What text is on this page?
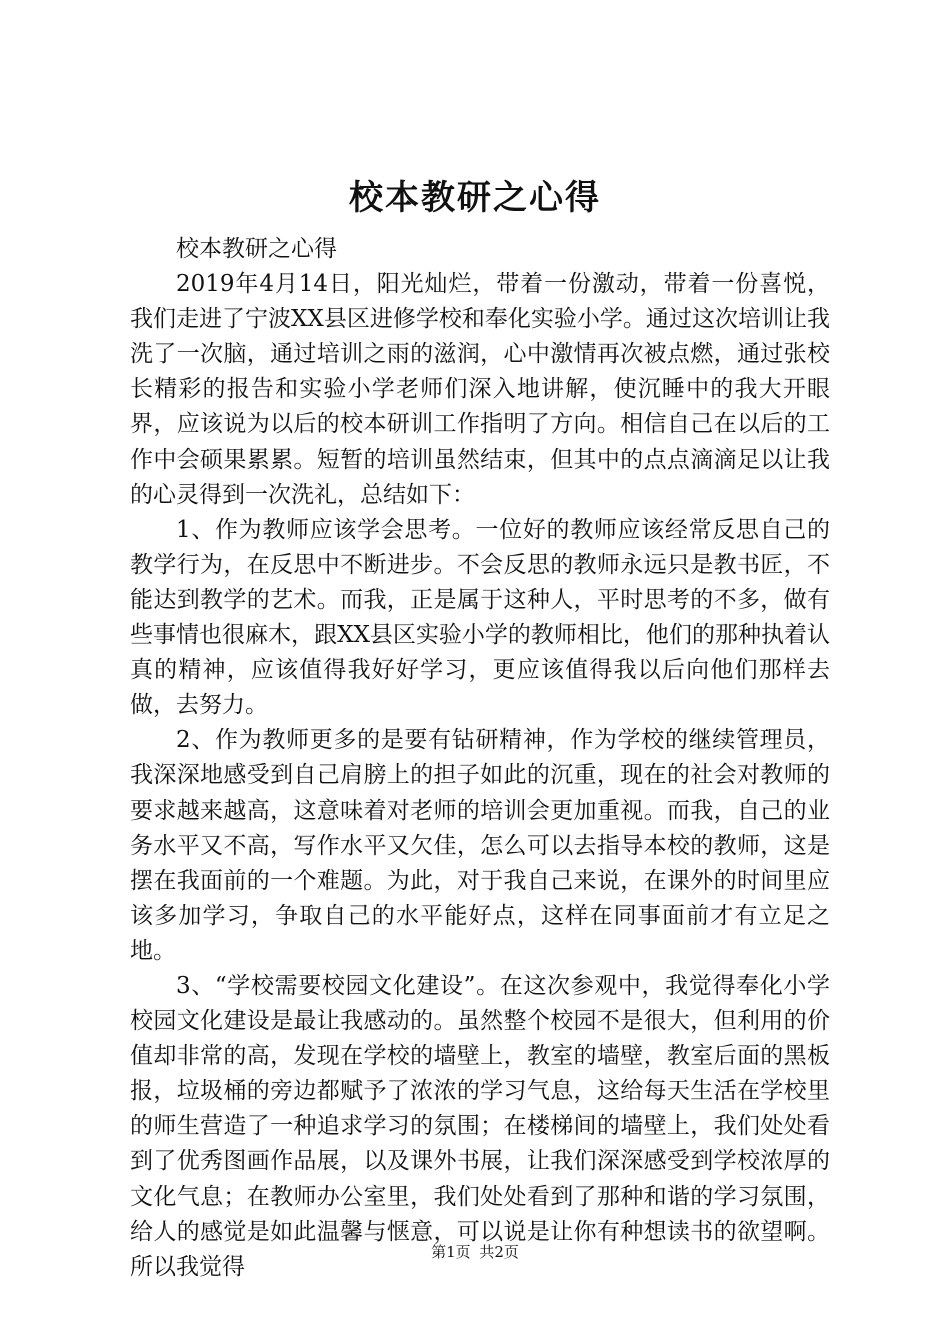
校本教研之心得

校本教研之心得

2019年4月14日，阳光灿烂，带着一份激动，带着一份喜悦，我们走进了宁波XX县区进修学校和奉化实验小学。通过这次培训让我洗了一次脑，通过培训之雨的滋润，心中激情再次被点燃，通过张校长精彩的报告和实验小学老师们深入地讲解，使沉睡中的我大开眼界，应该说为以后的校本研训工作指明了方向。相信自己在以后的工作中会硕果累累。短暂的培训虽然结束，但其中的点点滴滴足以让我的心灵得到一次洗礼，总结如下：

1、作为教师应该学会思考。一位好的教师应该经常反思自己的教学行为，在反思中不断进步。不会反思的教师永远只是教书匠，不能达到教学的艺术。而我，正是属于这种人，平时思考的不多，做有些事情也很麻木，跟XX县区实验小学的教师相比，他们的那种执着认真的精神，应该值得我好好学习，更应该值得我以后向他们那样去做，去努力。

2、作为教师更多的是要有钻研精神，作为学校的继续管理员，我深深地感受到自己肩膀上的担子如此的沉重，现在的社会对教师的要求越来越高，这意味着对老师的培训会更加重视。而我，自己的业务水平又不高，写作水平又欠佳，怎么可以去指导本校的教师，这是摆在我面前的一个难题。为此，对于我自己来说，在课外的时间里应该多加学习，争取自己的水平能好点，这样在同事面前才有立足之地。

3、“学校需要校园文化建设”。在这次参观中，我觉得奉化小学校园文化建设是最让我感动的。虽然整个校园不是很大，但利用的价值却非常的高，发现在学校的墙壁上，教室的墙壁，教室后面的黑板报，垃圾桶的旁边都赋予了浓浓的学习气息，这给每天生活在学校里的师生营造了一种追求学习的氛围；在楼梯间的墙壁上，我们处处看到了优秀图画作品展，以及课外书展，让我们深深感受到学校浓厚的文化气息；在教师办公室里，我们处处看到了那种和谐的学习氛围，给人的感觉是如此温馨与惬意，可以说是让你有种想读书的欲望啊。所以我觉得

第1页 共2页
